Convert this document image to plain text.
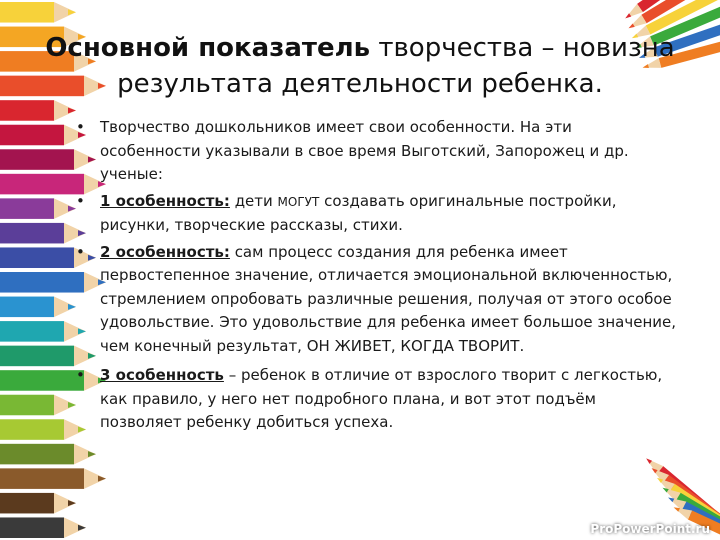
Основной показатель творчества – новизна результата деятельности ребенка.
• Творчество дошкольников имеет свои особенности. На эти особенности указывали в свое время Выготский, Запорожец и др. ученые:
• 1 особенность: дети МОГУТ создавать оригинальные постройки, рисунки, творческие рассказы, стихи.
• 2 особенность: сам процесс создания для ребенка имеет первостепенное значение, отличается эмоциональной включенностью, стремлением опробовать различные решения, получая от этого особое удовольствие. Это удовольствие для ребенка имеет большое значение, чем конечный результат, ОН ЖИВЕТ, КОГДА ТВОРИТ.
• 3 особенность – ребенок в отличие от взрослого творит с легкостью, как правило, у него нет подробного плана, и вот этот подъём позволяет ребенку добиться успеха.
ProPowerPoint.ru
